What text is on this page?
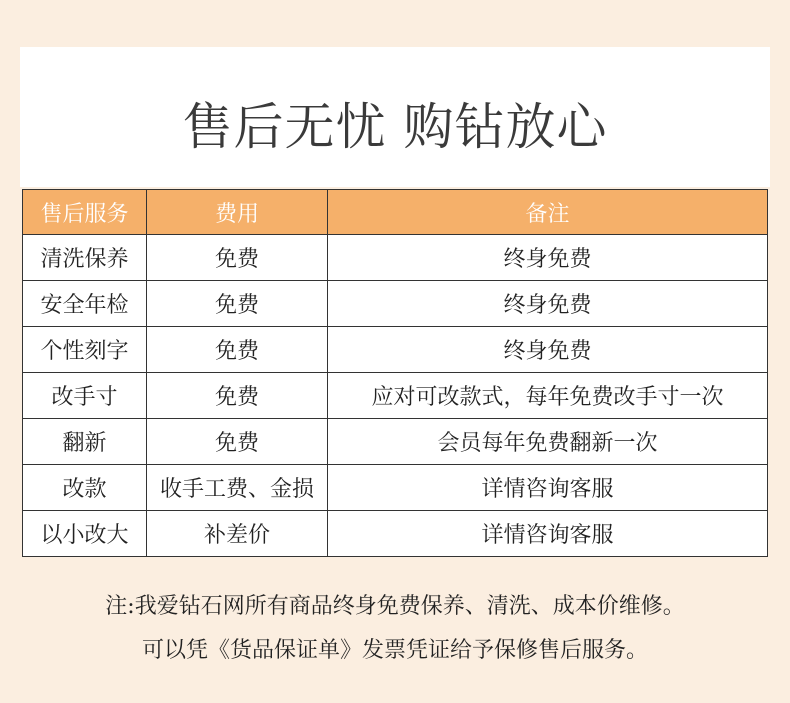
售后无忧 购钻放心
售后服务	费用	备注
清洗保养	免费	终身免费
安全年检	免费	终身免费
个性刻字	免费	终身免费
改手寸	免费	应对可改款式，每年免费改手寸一次
翻新	免费	会员每年免费翻新一次
改款	收手工费、金损	详情咨询客服
以小改大	补差价	详情咨询客服
注:我爱钻石网所有商品终身免费保养、清洗、成本价维修。
可以凭《货品保证单》发票凭证给予保修售后服务。
